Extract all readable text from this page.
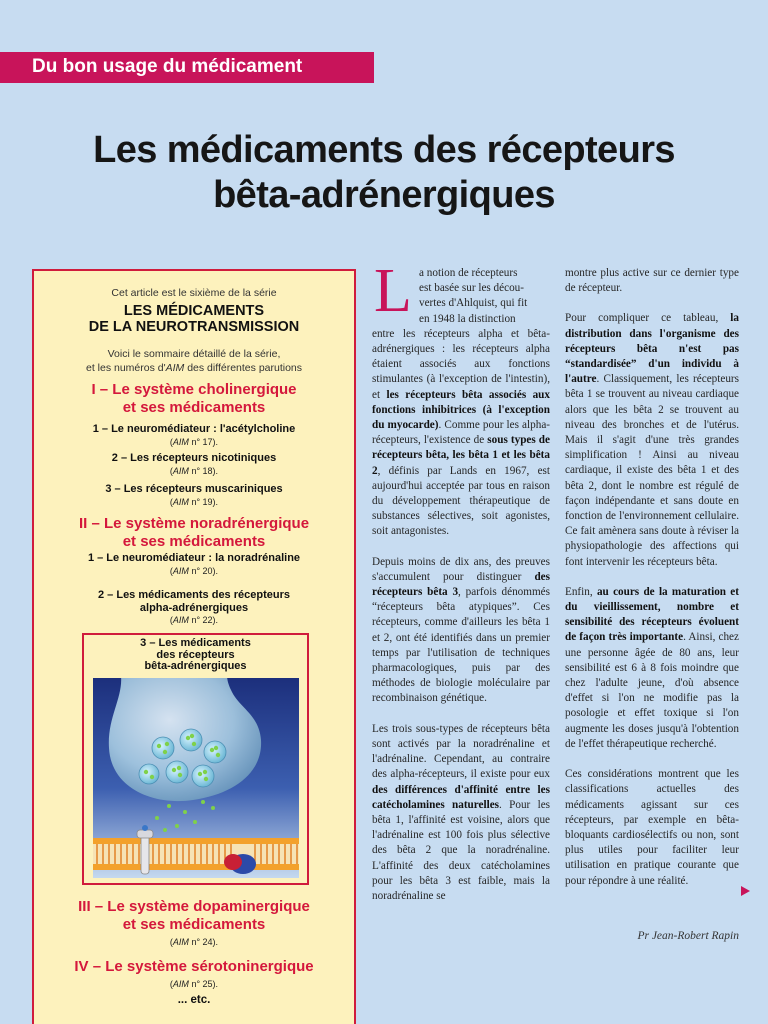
Du bon usage du médicament
Les médicaments des récepteurs
bêta-adrénergiques
Cet article est le sixième de la série
LES MÉDICAMENTS
DE LA NEUROTRANSMISSION
Voici le sommaire détaillé de la série,
et les numéros d'AIM des différentes parutions
I – Le système cholinergique
et ses médicaments
1 – Le neuromédiateur : l'acétylcholine
(AIM n° 17).
2 – Les récepteurs nicotiniques
(AIM n° 18).
3 – Les récepteurs muscariniques
(AIM n° 19).
II – Le système noradrénergique
et ses médicaments
1 – Le neuromédiateur : la noradrénaline
(AIM n° 20).
2 – Les médicaments des récepteurs
alpha-adrénergiques
(AIM n° 22).
3 – Les médicaments
des récepteurs
bêta-adrénergiques
III – Le système dopaminergique
et ses médicaments
(AIM n° 24).
IV – Le système sérotoninergique
(AIM n° 25).
... etc.
L a notion de récepteurs
est basée sur les décou-
vertes d'Ahlquist, qui fit
en 1948 la distinction
entre les récepteurs alpha et bêta-adrénergiques : les récepteurs alpha étaient associés aux fonctions stimulantes (à l'exception de l'intestin), et les récepteurs bêta associés aux fonctions inhibitrices (à l'exception du myocarde). Comme pour les alpha-récepteurs, l'existence de sous types de récepteurs bêta, les bêta 1 et les bêta 2, définis par Lands en 1967, est aujourd'hui acceptée par tous en raison du développement thérapeutique de substances sélectives, soit agonistes, soit antagonistes.

Depuis moins de dix ans, des preuves s'accumulent pour distinguer des récepteurs bêta 3, parfois dénommés “récepteurs bêta atypiques”. Ces récepteurs, comme d'ailleurs les bêta 1 et 2, ont été identifiés dans un premier temps par l'utilisation de techniques pharmacologiques, puis par des méthodes de biologie moléculaire par recombinaison génétique.

Les trois sous-types de récepteurs bêta sont activés par la noradrénaline et l'adrénaline. Cependant, au contraire des alpha-récepteurs, il existe pour eux des différences d'affinité entre les catécholamines naturelles. Pour les bêta 1, l'affinité est voisine, alors que l'adrénaline est 100 fois plus sélective des bêta 2 que la noradrénaline. L'affinité des deux catécholamines pour les bêta 3 est faible, mais la noradrénaline se

montre plus active sur ce dernier type de récepteur.

Pour compliquer ce tableau, la distribution dans l'organisme des récepteurs bêta n'est pas “standardisée” d'un individu à l'autre. Classiquement, les récepteurs bêta 1 se trouvent au niveau cardiaque alors que les bêta 2 se trouvent au niveau des bronches et de l'utérus. Mais il s'agit d'une très grandes simplification ! Ainsi au niveau cardiaque, il existe des bêta 1 et des bêta 2, dont le nombre est régulé de façon indépendante et sans doute en fonction de l'environnement cellulaire. Ce fait amènera sans doute à réviser la physiopathologie des affections qui font intervenir les récepteurs bêta.

Enfin, au cours de la maturation et du vieillissement, nombre et sensibilité des récepteurs évoluent de façon très importante. Ainsi, chez une personne âgée de 80 ans, leur sensibilité est 6 à 8 fois moindre que chez l'adulte jeune, d'où absence d'effet si l'on ne modifie pas la posologie et effet toxique si l'on augmente les doses jusqu'à l'obtention de l'effet thérapeutique recherché.

Ces considérations montrent que les classifications actuelles des médicaments agissant sur ces récepteurs, par exemple en bêta-bloquants cardiosélectifs ou non, sont plus utiles pour faciliter leur utilisation en pratique courante que pour répondre à une réalité.

Pr Jean-Robert Rapin
